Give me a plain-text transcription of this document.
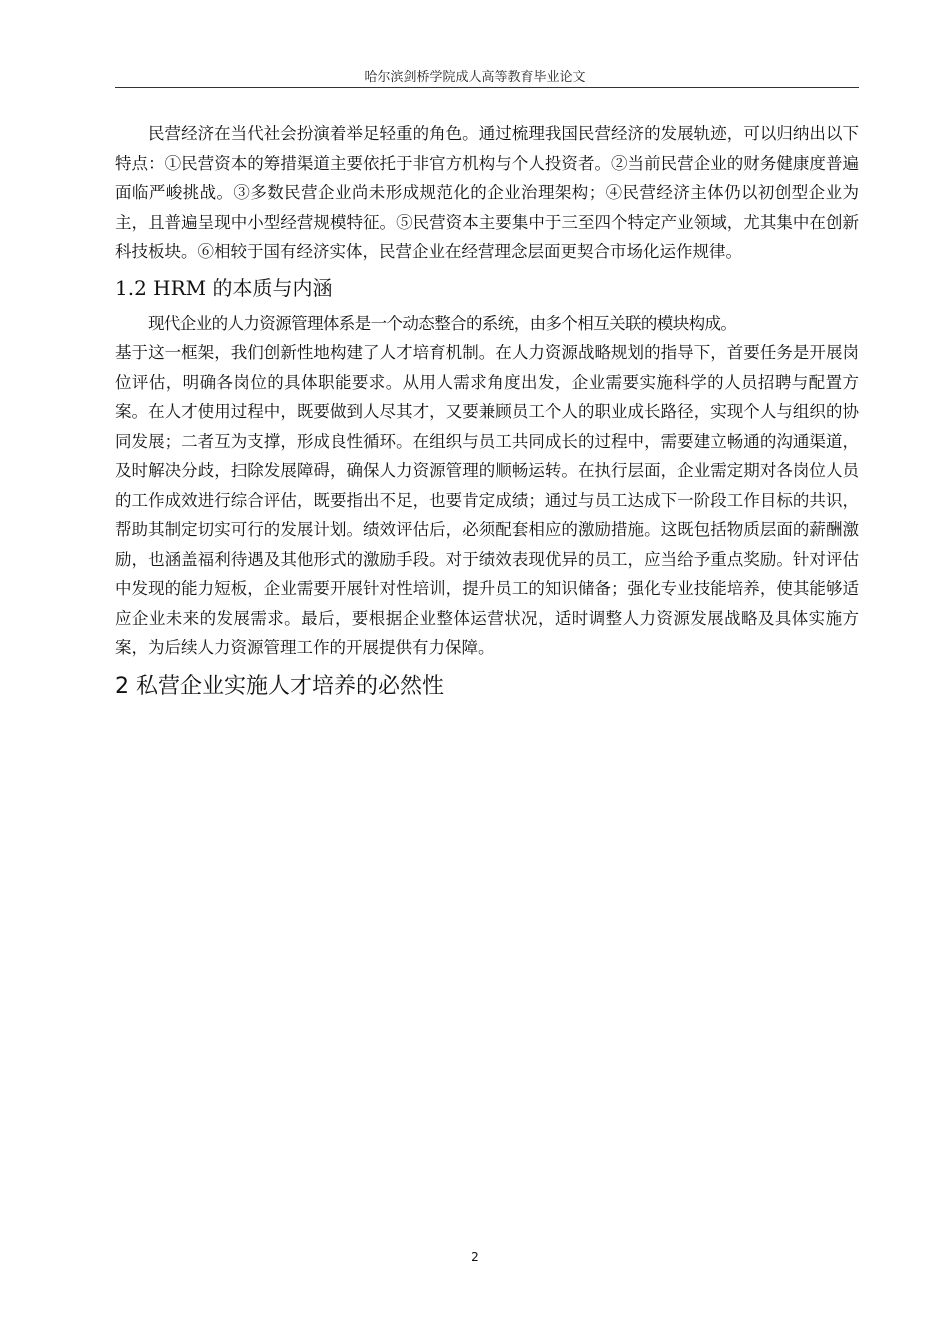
哈尔滨剑桥学院成人高等教育毕业论文

民营经济在当代社会扮演着举足轻重的角色。通过梳理我国民营经济的发展轨迹，可以归纳出以下特点：①民营资本的筹措渠道主要依托于非官方机构与个人投资者。②当前民营企业的财务健康度普遍面临严峻挑战。③多数民营企业尚未形成规范化的企业治理架构；④民营经济主体仍以初创型企业为主，且普遍呈现中小型经营规模特征。⑤民营资本主要集中于三至四个特定产业领域，尤其集中在创新科技板块。⑥相较于国有经济实体，民营企业在经营理念层面更契合市场化运作规律。

1.2 HRM 的本质与内涵

现代企业的人力资源管理体系是一个动态整合的系统，由多个相互关联的模块构成。

基于这一框架，我们创新性地构建了人才培育机制。在人力资源战略规划的指导下，首要任务是开展岗位评估，明确各岗位的具体职能要求。从用人需求角度出发，企业需要实施科学的人员招聘与配置方案。在人才使用过程中，既要做到人尽其才，又要兼顾员工个人的职业成长路径，实现个人与组织的协同发展；二者互为支撑，形成良性循环。在组织与员工共同成长的过程中，需要建立畅通的沟通渠道，及时解决分歧，扫除发展障碍，确保人力资源管理的顺畅运转。在执行层面，企业需定期对各岗位人员的工作成效进行综合评估，既要指出不足，也要肯定成绩；通过与员工达成下一阶段工作目标的共识，帮助其制定切实可行的发展计划。绩效评估后，必须配套相应的激励措施。这既包括物质层面的薪酬激励，也涵盖福利待遇及其他形式的激励手段。对于绩效表现优异的员工，应当给予重点奖励。针对评估中发现的能力短板，企业需要开展针对性培训，提升员工的知识储备；强化专业技能培养，使其能够适应企业未来的发展需求。最后，要根据企业整体运营状况，适时调整人力资源发展战略及具体实施方案，为后续人力资源管理工作的开展提供有力保障。

2 私营企业实施人才培养的必然性
2
